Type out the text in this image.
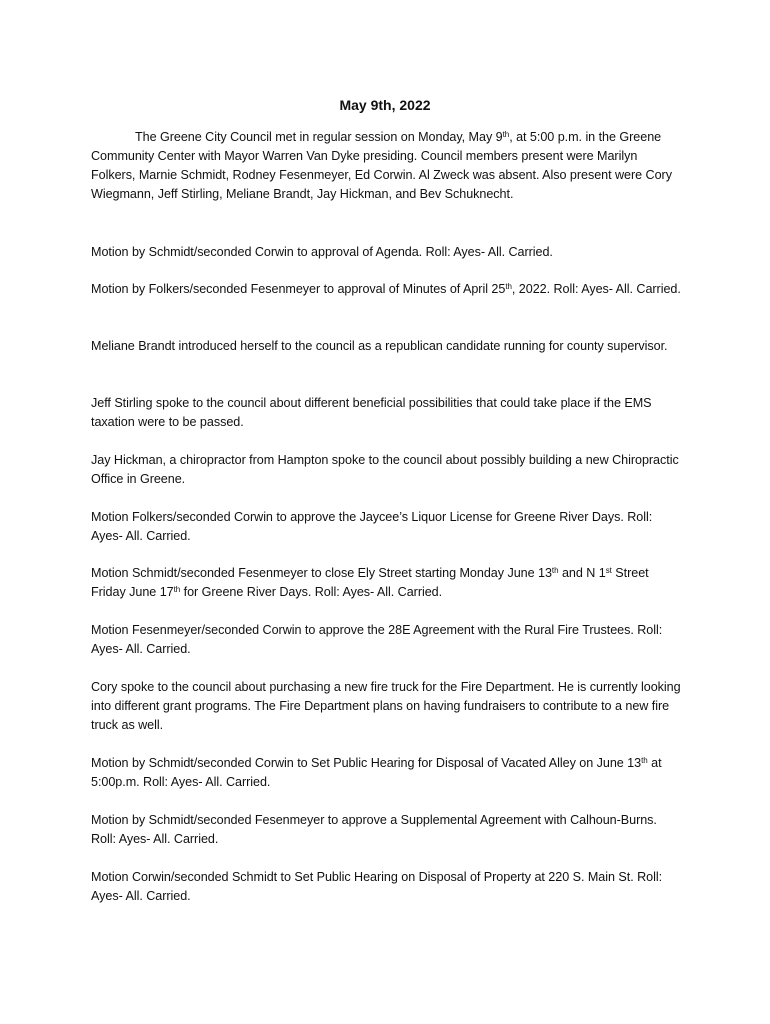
May 9th, 2022

The Greene City Council met in regular session on Monday, May 9th, at 5:00 p.m. in the Greene Community Center with Mayor Warren Van Dyke presiding. Council members present were Marilyn Folkers, Marnie Schmidt, Rodney Fesenmeyer, Ed Corwin. Al Zweck was absent. Also present were Cory Wiegmann, Jeff Stirling, Meliane Brandt, Jay Hickman, and Bev Schuknecht.

Motion by Schmidt/seconded Corwin to approval of Agenda. Roll: Ayes- All. Carried.

Motion by Folkers/seconded Fesenmeyer to approval of Minutes of April 25th, 2022. Roll: Ayes- All. Carried.

Meliane Brandt introduced herself to the council as a republican candidate running for county supervisor.

Jeff Stirling spoke to the council about different beneficial possibilities that could take place if the EMS taxation were to be passed.

Jay Hickman, a chiropractor from Hampton spoke to the council about possibly building a new Chiropractic Office in Greene.

Motion Folkers/seconded Corwin to approve the Jaycee’s Liquor License for Greene River Days. Roll: Ayes- All. Carried.

Motion Schmidt/seconded Fesenmeyer to close Ely Street starting Monday June 13th and N 1st Street Friday June 17th for Greene River Days. Roll: Ayes- All. Carried.

Motion Fesenmeyer/seconded Corwin to approve the 28E Agreement with the Rural Fire Trustees. Roll: Ayes- All. Carried.

Cory spoke to the council about purchasing a new fire truck for the Fire Department. He is currently looking into different grant programs. The Fire Department plans on having fundraisers to contribute to a new fire truck as well.

Motion by Schmidt/seconded Corwin to Set Public Hearing for Disposal of Vacated Alley on June 13th at 5:00p.m. Roll: Ayes- All. Carried.

Motion by Schmidt/seconded Fesenmeyer to approve a Supplemental Agreement with Calhoun-Burns. Roll: Ayes- All. Carried.

Motion Corwin/seconded Schmidt to Set Public Hearing on Disposal of Property at 220 S. Main St. Roll: Ayes- All. Carried.
